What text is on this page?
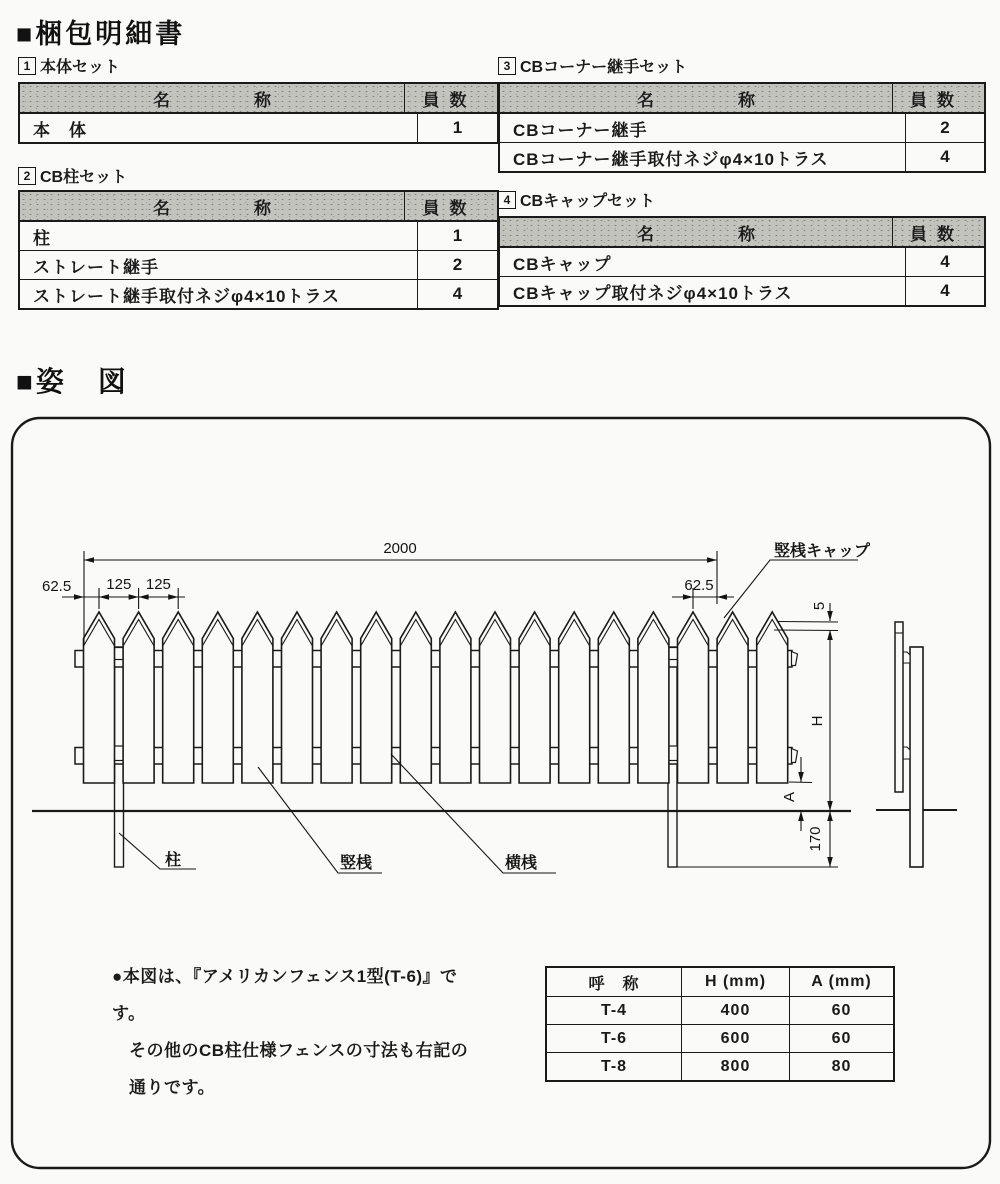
■梱包明細書
1 本体セット
名	称	員 数
本　体	1
2 CB柱セット
名	称	員 数
柱	1
ストレート継手	2
ストレート継手取付ネジφ4×10トラス	4
3 CBコーナー継手セット
名	称	員 数
CBコーナー継手	2
CBコーナー継手取付ネジφ4×10トラス	4
4 CBキャップセット
名	称	員 数
CBキャップ	4
CBキャップ取付ネジφ4×10トラス	4
■姿　図
2000
62.5 125 125	62.5
5
H
A
170
竪桟キャップ
柱	竪桟	横桟
●本図は、『アメリカンフェンス1型(T-6)』です。
その他のCB柱仕様フェンスの寸法も右記の
通りです。
呼　称	H (mm)	A (mm)
T-4	400	60
T-6	600	60
T-8	800	80
